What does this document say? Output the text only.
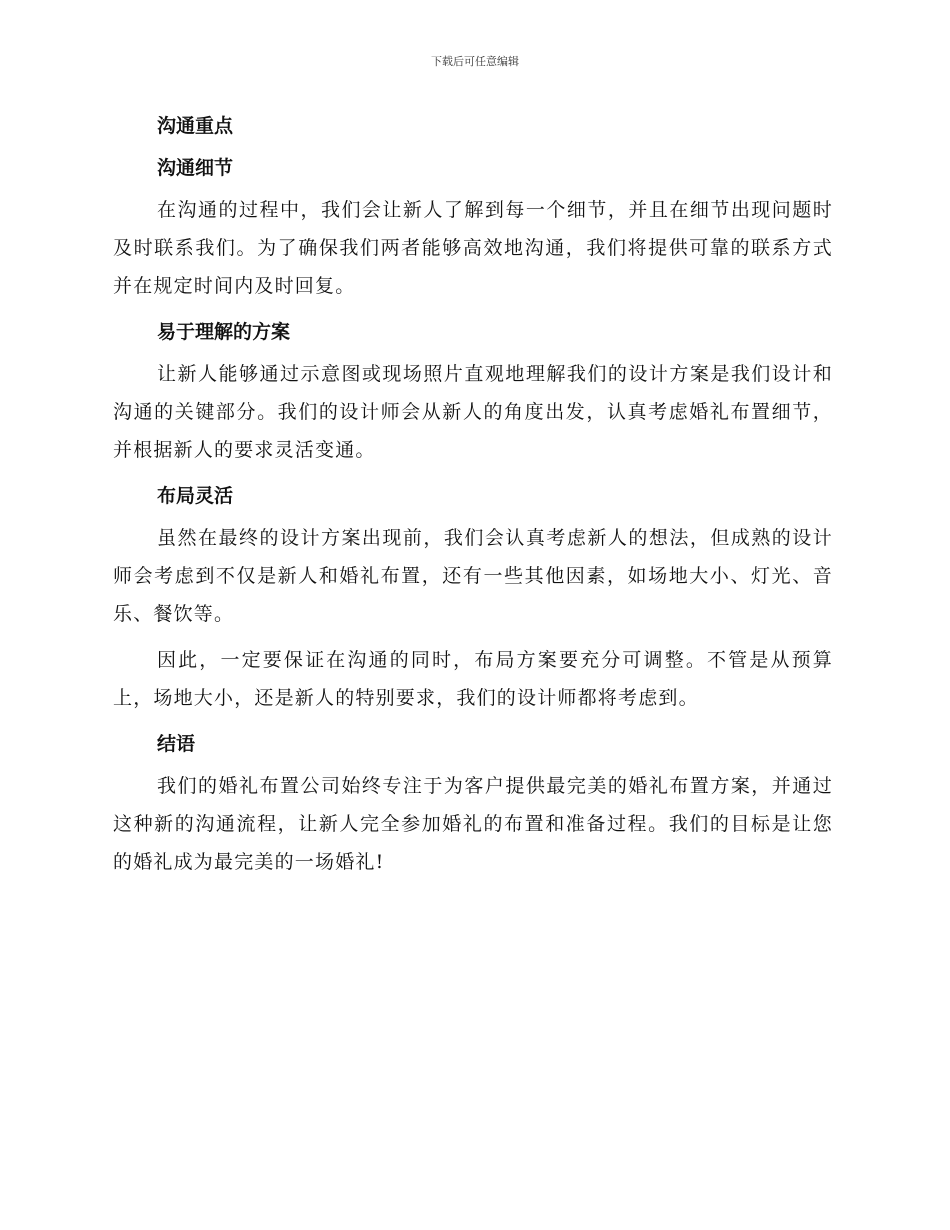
下载后可任意编辑
沟通重点
沟通细节

在沟通的过程中，我们会让新人了解到每一个细节，并且在细节出现问题时及时联系我们。为了确保我们两者能够高效地沟通，我们将提供可靠的联系方式并在规定时间内及时回复。

易于理解的方案

让新人能够通过示意图或现场照片直观地理解我们的设计方案是我们设计和沟通的关键部分。我们的设计师会从新人的角度出发，认真考虑婚礼布置细节，并根据新人的要求灵活变通。

布局灵活

虽然在最终的设计方案出现前，我们会认真考虑新人的想法，但成熟的设计师会考虑到不仅是新人和婚礼布置，还有一些其他因素，如场地大小、灯光、音乐、餐饮等。

因此，一定要保证在沟通的同时，布局方案要充分可调整。不管是从预算上，场地大小，还是新人的特别要求，我们的设计师都将考虑到。

结语

我们的婚礼布置公司始终专注于为客户提供最完美的婚礼布置方案，并通过这种新的沟通流程，让新人完全参加婚礼的布置和准备过程。我们的目标是让您的婚礼成为最完美的一场婚礼!
